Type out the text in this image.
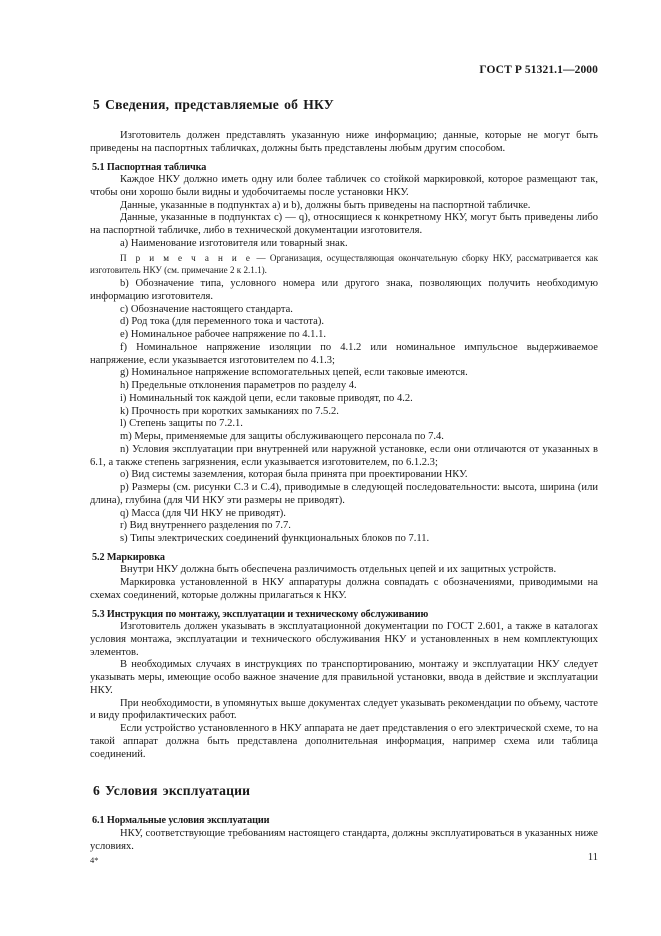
ГОСТ Р 51321.1—2000

5 Сведения, представляемые об НКУ

Изготовитель должен представлять указанную ниже информацию; данные, которые не могут быть приведены на паспортных табличках, должны быть представлены любым другим способом.

5.1 Паспортная табличка

Каждое НКУ должно иметь одну или более табличек со стойкой маркировкой, которое размещают так, чтобы они хорошо были видны и удобочитаемы после установки НКУ.

Данные, указанные в подпунктах а) и b), должны быть приведены на паспортной табличке.

Данные, указанные в подпунктах с) — q), относящиеся к конкретному НКУ, могут быть приведены либо на паспортной табличке, либо в технической документации изготовителя.

а) Наименование изготовителя или товарный знак.

П р и м е ч а н и е — Организация, осуществляющая окончательную сборку НКУ, рассматривается как изготовитель НКУ (см. примечание 2 к 2.1.1).

b) Обозначение типа, условного номера или другого знака, позволяющих получить необходимую информацию изготовителя.

с) Обозначение настоящего стандарта.

d) Род тока (для переменного тока и частота).

е) Номинальное рабочее напряжение по 4.1.1.

f) Номинальное напряжение изоляции по 4.1.2 или номинальное импульсное выдерживаемое напряжение, если указывается изготовителем по 4.1.3;

g) Номинальное напряжение вспомогательных цепей, если таковые имеются.

h) Предельные отклонения параметров по разделу 4.

i) Номинальный ток каждой цепи, если таковые приводят, по 4.2.

k) Прочность при коротких замыканиях по 7.5.2.

l) Степень защиты по 7.2.1.

m) Меры, применяемые для защиты обслуживающего персонала по 7.4.

n) Условия эксплуатации при внутренней или наружной установке, если они отличаются от указанных в 6.1, а также степень загрязнения, если указывается изготовителем, по 6.1.2.3;

о) Вид системы заземления, которая была принята при проектировании НКУ.

р) Размеры (см. рисунки С.3 и С.4), приводимые в следующей последовательности: высота, ширина (или длина), глубина (для ЧИ НКУ эти размеры не приводят).

q) Масса (для ЧИ НКУ не приводят).

r) Вид внутреннего разделения по 7.7.

s) Типы электрических соединений функциональных блоков по 7.11.

5.2 Маркировка

Внутри НКУ должна быть обеспечена различимость отдельных цепей и их защитных устройств.

Маркировка установленной в НКУ аппаратуры должна совпадать с обозначениями, приводимыми на схемах соединений, которые должны прилагаться к НКУ.

5.3 Инструкция по монтажу, эксплуатации и техническому обслуживанию

Изготовитель должен указывать в эксплуатационной документации по ГОСТ 2.601, а также в каталогах условия монтажа, эксплуатации и технического обслуживания НКУ и установленных в нем комплектующих элементов.

В необходимых случаях в инструкциях по транспортированию, монтажу и эксплуатации НКУ следует указывать меры, имеющие особо важное значение для правильной установки, ввода в действие и эксплуатации НКУ.

При необходимости, в упомянутых выше документах следует указывать рекомендации по объему, частоте и виду профилактических работ.

Если устройство установленного в НКУ аппарата не дает представления о его электрической схеме, то на такой аппарат должна быть представлена дополнительная информация, например схема или таблица соединений.

6 Условия эксплуатации

6.1 Нормальные условия эксплуатации

НКУ, соответствующие требованиям настоящего стандарта, должны эксплуатироваться в указанных ниже условиях.

4*	11
